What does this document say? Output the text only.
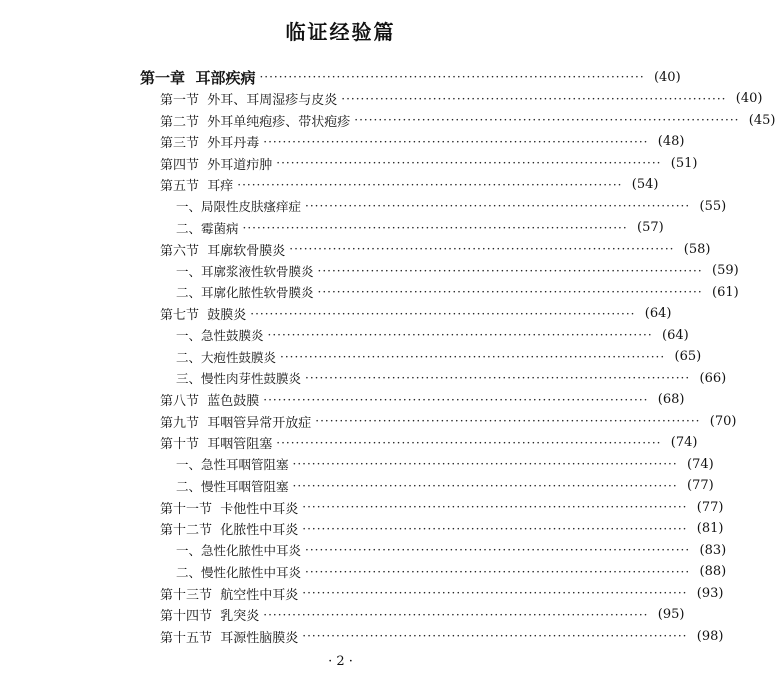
临证经验篇
第一章 耳部疾病 ················································································ (40)
第一节 外耳、耳周湿疹与皮炎 ················································································ (40)
第二节 外耳单纯疱疹、带状疱疹 ················································································ (45)
第三节 外耳丹毒 ················································································ (48)
第四节 外耳道疖肿 ················································································ (51)
第五节 耳痒 ················································································ (54)
一、局限性皮肤瘙痒症 ················································································ (55)
二、霉菌病 ················································································ (57)
第六节 耳廓软骨膜炎 ················································································ (58)
一、耳廓浆液性软骨膜炎 ················································································ (59)
二、耳廓化脓性软骨膜炎 ················································································ (61)
第七节 鼓膜炎 ················································································ (64)
一、急性鼓膜炎 ················································································ (64)
二、大疱性鼓膜炎 ················································································ (65)
三、慢性肉芽性鼓膜炎 ················································································ (66)
第八节 蓝色鼓膜 ················································································ (68)
第九节 耳咽管异常开放症 ················································································ (70)
第十节 耳咽管阻塞 ················································································ (74)
一、急性耳咽管阻塞 ················································································ (74)
二、慢性耳咽管阻塞 ················································································ (77)
第十一节 卡他性中耳炎 ················································································ (77)
第十二节 化脓性中耳炎 ················································································ (81)
一、急性化脓性中耳炎 ················································································ (83)
二、慢性化脓性中耳炎 ················································································ (88)
第十三节 航空性中耳炎 ················································································ (93)
第十四节 乳突炎 ················································································ (95)
第十五节 耳源性脑膜炎 ················································································ (98)
· 2 ·
